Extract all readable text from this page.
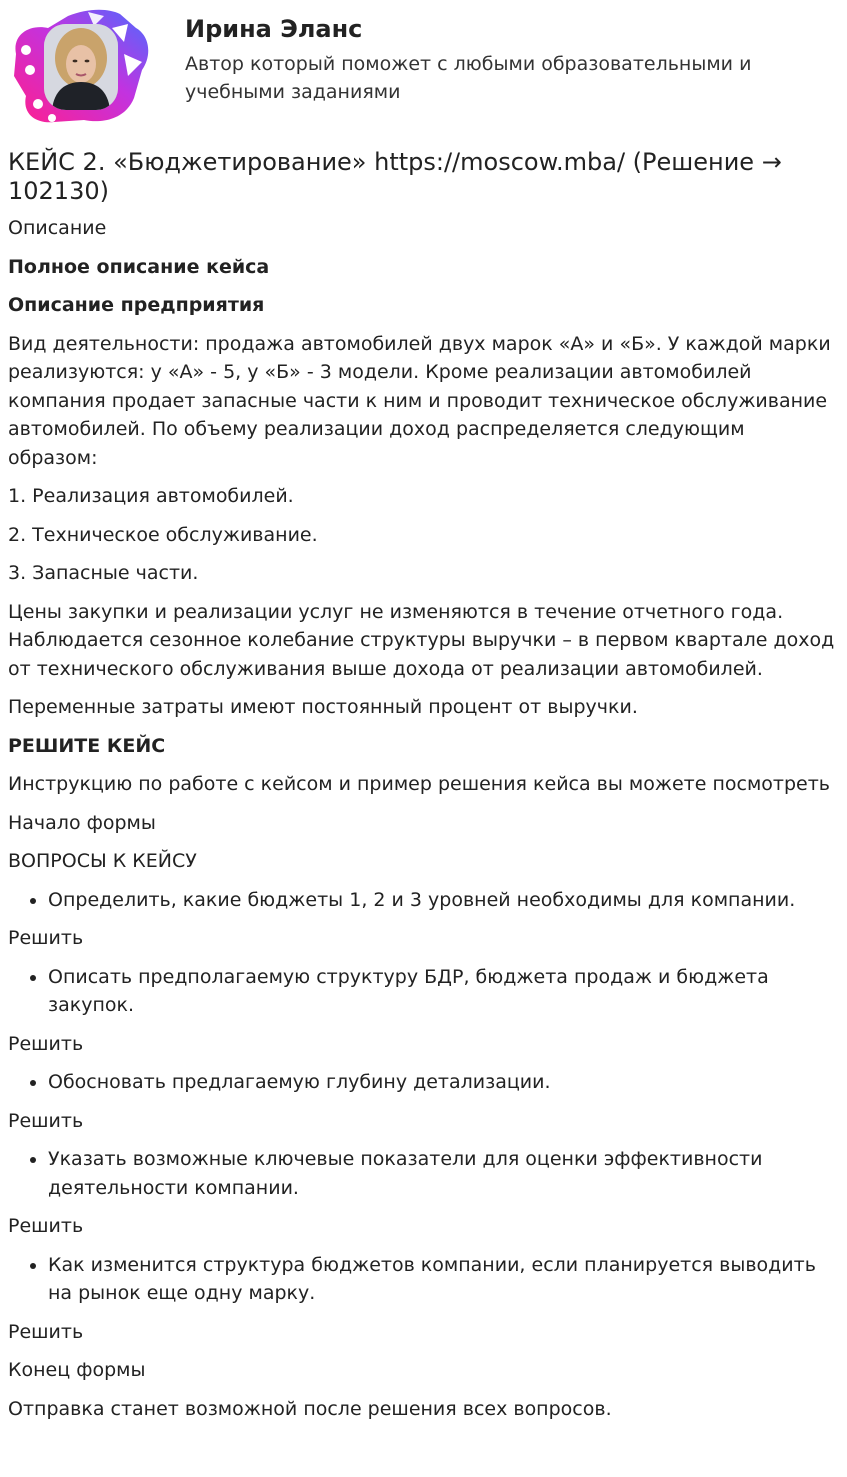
Ирина Эланс
Автор который поможет с любыми образовательными и учебными заданиями
КЕЙС 2. «Бюджетирование» https://moscow.mba/ (Решение → 102130)

Описание

Полное описание кейса

Описание предприятия

Вид деятельности: продажа автомобилей двух марок «А» и «Б». У каждой марки реализуются: у «А» - 5, у «Б» - 3 модели. Кроме реализации автомобилей компания продает запасные части к ним и проводит техническое обслуживание автомобилей. По объему реализации доход распределяется следующим образом:

1. Реализация автомобилей.

2. Техническое обслуживание.

3. Запасные части.

Цены закупки и реализации услуг не изменяются в течение отчетного года. Наблюдается сезонное колебание структуры выручки – в первом квартале доход от технического обслуживания выше дохода от реализации автомобилей.

Переменные затраты имеют постоянный процент от выручки.

РЕШИТЕ КЕЙС

Инструкцию по работе с кейсом и пример решения кейса вы можете посмотреть

Начало формы

ВОПРОСЫ К КЕЙСУ

• Определить, какие бюджеты 1, 2 и 3 уровней необходимы для компании.

Решить

• Описать предполагаемую структуру БДР, бюджета продаж и бюджета закупок.

Решить

• Обосновать предлагаемую глубину детализации.

Решить

• Указать возможные ключевые показатели для оценки эффективности деятельности компании.

Решить

• Как изменится структура бюджетов компании, если планируется выводить на рынок еще одну марку.

Решить

Конец формы

Отправка станет возможной после решения всех вопросов.
